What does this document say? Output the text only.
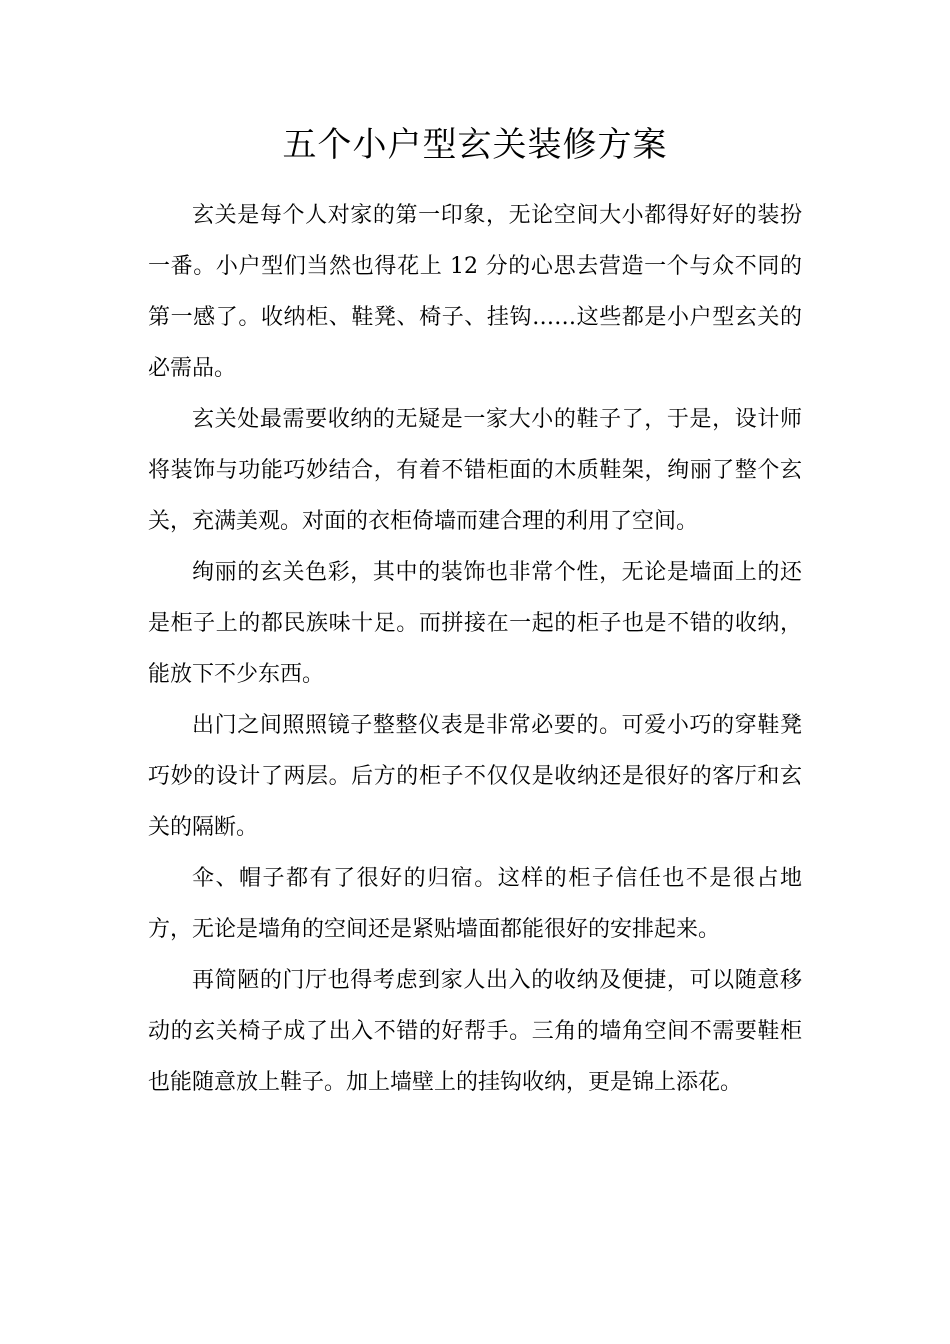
五个小户型玄关装修方案

玄关是每个人对家的第一印象，无论空间大小都得好好的装扮一番。小户型们当然也得花上 12 分的心思去营造一个与众不同的第一感了。收纳柜、鞋凳、椅子、挂钩……这些都是小户型玄关的必需品。

玄关处最需要收纳的无疑是一家大小的鞋子了，于是，设计师将装饰与功能巧妙结合，有着不错柜面的木质鞋架，绚丽了整个玄关，充满美观。对面的衣柜倚墙而建合理的利用了空间。

绚丽的玄关色彩，其中的装饰也非常个性，无论是墙面上的还是柜子上的都民族味十足。而拼接在一起的柜子也是不错的收纳，能放下不少东西。

出门之间照照镜子整整仪表是非常必要的。可爱小巧的穿鞋凳巧妙的设计了两层。后方的柜子不仅仅是收纳还是很好的客厅和玄关的隔断。

伞、帽子都有了很好的归宿。这样的柜子信任也不是很占地方，无论是墙角的空间还是紧贴墙面都能很好的安排起来。

再简陋的门厅也得考虑到家人出入的收纳及便捷，可以随意移动的玄关椅子成了出入不错的好帮手。三角的墙角空间不需要鞋柜也能随意放上鞋子。加上墙壁上的挂钩收纳，更是锦上添花。
